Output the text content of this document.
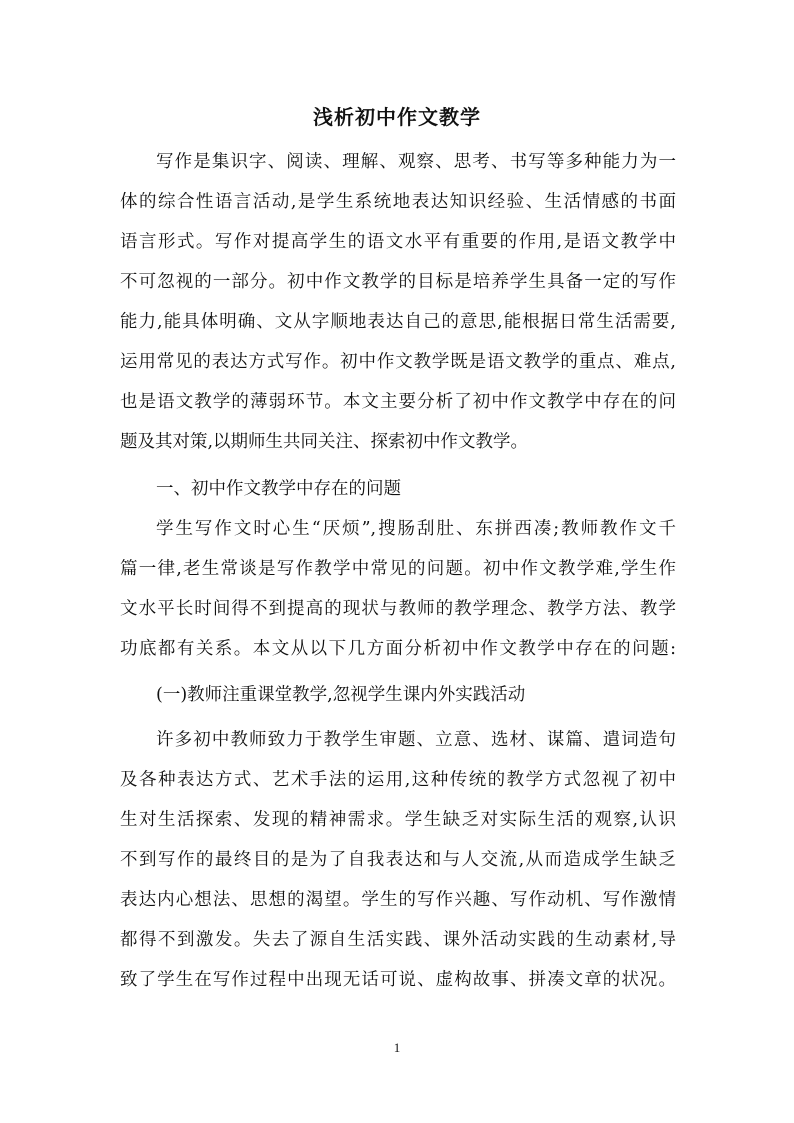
浅析初中作文教学

写作是集识字、阅读、理解、观察、思考、书写等多种能力为一

体的综合性语言活动,是学生系统地表达知识经验、生活情感的书面

语言形式。写作对提高学生的语文水平有重要的作用,是语文教学中

不可忽视的一部分。初中作文教学的目标是培养学生具备一定的写作

能力,能具体明确、文从字顺地表达自己的意思,能根据日常生活需要,

运用常见的表达方式写作。初中作文教学既是语文教学的重点、难点,

也是语文教学的薄弱环节。本文主要分析了初中作文教学中存在的问

题及其对策,以期师生共同关注、探索初中作文教学。

一、初中作文教学中存在的问题

学生写作文时心生“厌烦”,搜肠刮肚、东拼西凑;教师教作文千

篇一律,老生常谈是写作教学中常见的问题。初中作文教学难,学生作

文水平长时间得不到提高的现状与教师的教学理念、教学方法、教学

功底都有关系。本文从以下几方面分析初中作文教学中存在的问题:

(一)教师注重课堂教学,忽视学生课内外实践活动

许多初中教师致力于教学生审题、立意、选材、谋篇、遣词造句

及各种表达方式、艺术手法的运用,这种传统的教学方式忽视了初中

生对生活探索、发现的精神需求。学生缺乏对实际生活的观察,认识

不到写作的最终目的是为了自我表达和与人交流,从而造成学生缺乏

表达内心想法、思想的渴望。学生的写作兴趣、写作动机、写作激情

都得不到激发。失去了源自生活实践、课外活动实践的生动素材,导

致了学生在写作过程中出现无话可说、虚构故事、拼凑文章的状况。

1
